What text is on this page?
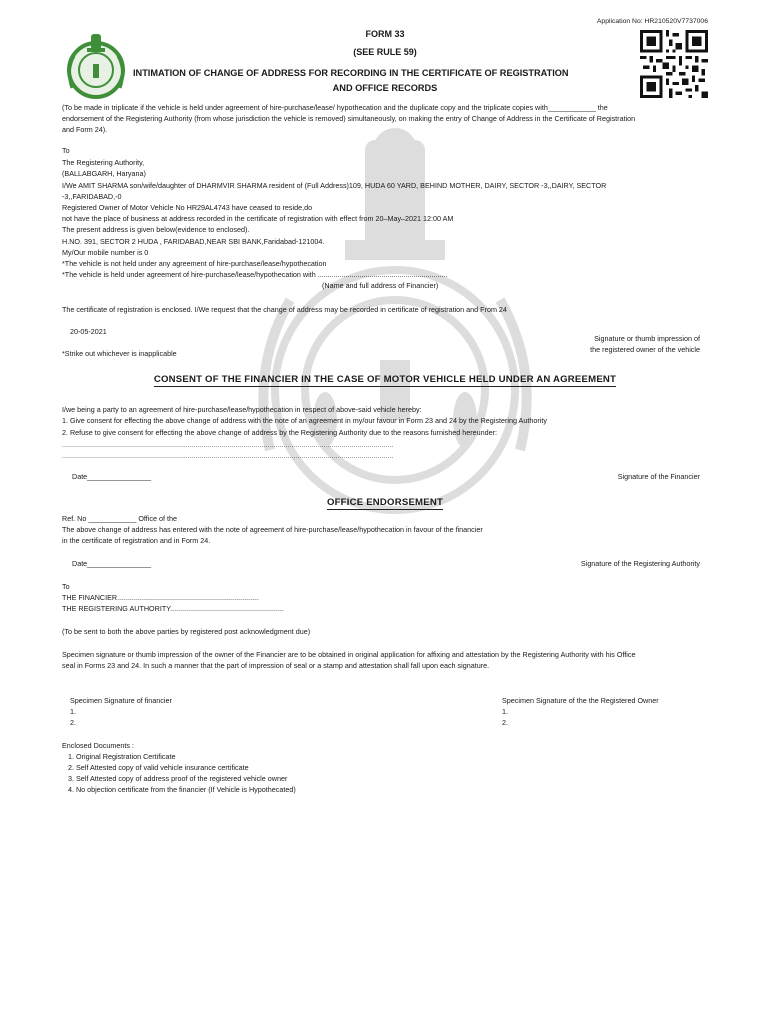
Application No: HR210520V7737006
FORM 33
(SEE RULE 59)
INTIMATION OF CHANGE OF ADDRESS FOR RECORDING IN THE CERTIFICATE OF REGISTRATION
AND OFFICE RECORDS
(To be made in triplicate if the vehicle is held under agreement of hire-purchase/lease/ hypothecation and the duplicate copy and the triplicate copies with____________ the
endorsement of the Registering Authority (from whose jurisdiction the vehicle is removed) simultaneously, on making the entry of Change of Address in the Certificate of Registration
and Form 24).
To
The Registering Authority,
(BALLABGARH, Haryana)
I/We AMIT SHARMA son/wife/daughter of DHARMVIR SHARMA resident of (Full Address)109, HUDA 60 YARD, BEHIND MOTHER, DAIRY, SECTOR -3,,DAIRY, SECTOR
-3,,FARIDABAD,-0
Registered Owner of Motor Vehicle No HR29AL4743 have ceased to reside,do
not have the place of business at address recorded in the certificate of registration with effect from 20–May–2021 12:00 AM
The present address is given below(evidence to enclosed).
H.NO. 391, SECTOR 2 HUDA , FARIDABAD,NEAR SBI BANK,Faridabad-121004.
My/Our mobile number is 0
*The vehicle is not held under any agreement of hire-purchase/lease/hypothecation
*The vehicle is held under agreement of hire-purchase/lease/hypothecation with .................................................................
(Name and full address of Financier)
The certificate of registration is enclosed. I/We request that the change of address may be recorded in certificate of registration and From 24
20-05-2021
Signature or thumb impression of
the registered owner of the vehicle
*Strike out whichever is inapplicable
CONSENT OF THE FINANCIER IN THE CASE OF MOTOR VEHICLE HELD UNDER AN AGREEMENT
I/we being a party to an agreement of hire-purchase/lease/hypothecation in respect of above-said vehicle hereby:
1. Give consent for effecting the above change of address with the note of an agreement in my/our favour in Form 23 and 24 by the Registering Authority
2. Refuse to give consent for effecting the above change of address by the Registering Authority due to the reasons furnished hereunder:
......................................................................................................................................................................
......................................................................................................................................................................
Date________________	Signature of the Financier
OFFICE ENDORSEMENT
Ref. No ____________ Office of the
The above change of address has entered with the note of agreement of hire-purchase/lease/hypothecation in favour of the financier
in the certificate of registration and in Form 24.
Date________________	Signature of the Registering Authority
To
THE FINANCIER.......................................................................
THE REGISTERING AUTHORITY.........................................................
(To be sent to both the above parties by registered post acknowledgment due)
Specimen signature or thumb impression of the owner of the Financier are to be obtained in original application for affixing and attestation by the Registering Authority with his Office
seal in Forms 23 and 24. In such a manner that the part of impression of seal or a stamp and attestation shall fall upon each signature.
Specimen Signature of financier
1.
2.
Specimen Signature of the the Registered Owner
1.
2.
Enclosed Documents :
1. Original Registration Certificate
2. Self Attested copy of valid vehicle insurance certificate
3. Self Attested copy of address proof of the registered vehicle owner
4. No objection certificate from the financier (If Vehicle is Hypothecated)
